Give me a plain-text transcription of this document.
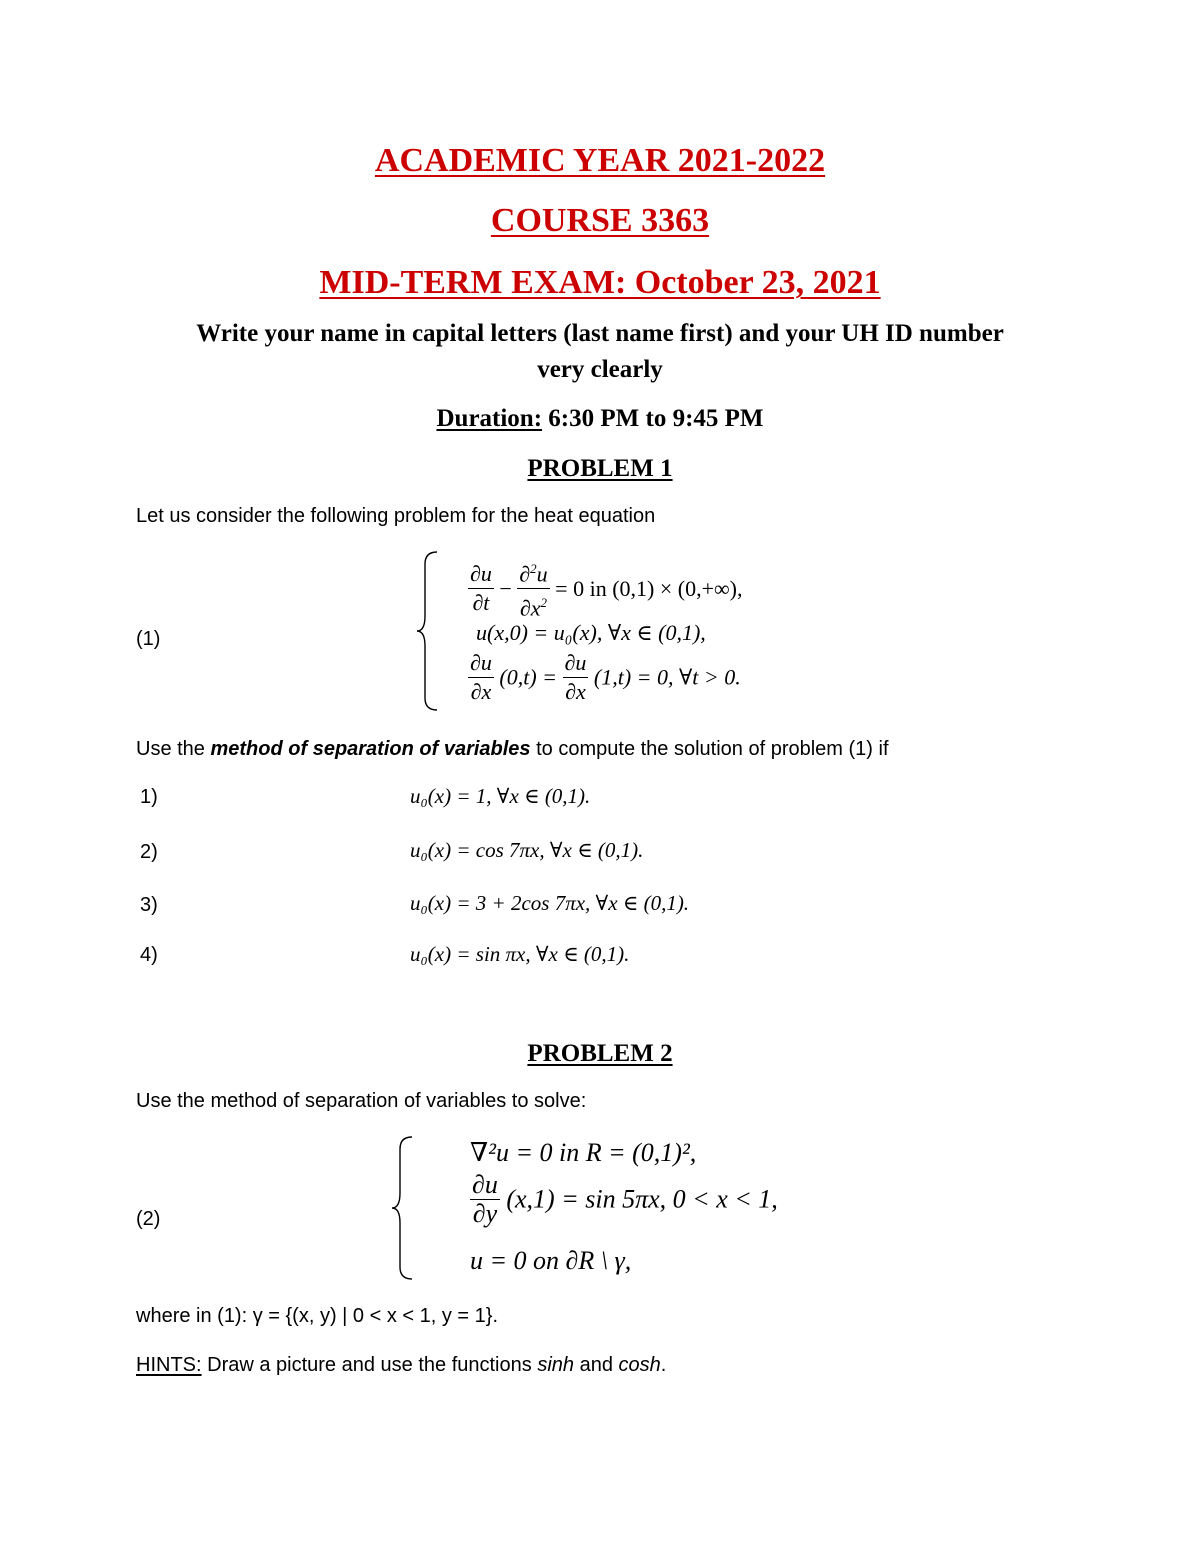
ACADEMIC YEAR 2021-2022
COURSE 3363
MID-TERM EXAM: October 23, 2021
Write your name in capital letters (last name first) and your UH ID number
very clearly
Duration: 6:30 PM to 9:45 PM
PROBLEM 1
Let us consider the following problem for the heat equation
(1)
$\frac{\partial u}{\partial t} - \frac{\partial^2u}{\partial x^2} = 0$ in (0,1) × (0,+∞),
u(x,0) = u₀(x), ∀x ∈ (0,1),
$\frac{\partial u}{\partial x} (0,t) = \frac{\partial u}{\partial x} (1,t) = 0$, ∀t > 0.
Use the method of separation of variables to compute the solution of problem (1) if
1)	u₀(x) = 1, ∀x ∈ (0,1).
2)	u₀(x) = cos 7πx, ∀x ∈ (0,1).
3)	u₀(x) = 3 + 2cos 7πx, ∀x ∈ (0,1).
4)	u₀(x) = sin πx, ∀x ∈ (0,1).
PROBLEM 2
Use the method of separation of variables to solve:
(2)
∇²u = 0 in R = (0,1)²,
$\frac{\partial u}{\partial y} (x,1) = \sin 5\pi x$, 0 < x < 1,
u = 0 on ∂R \ γ,
where in (1): γ = {(x, y) | 0 < x < 1, y = 1}.
HINTS: Draw a picture and use the functions sinh and cosh.
